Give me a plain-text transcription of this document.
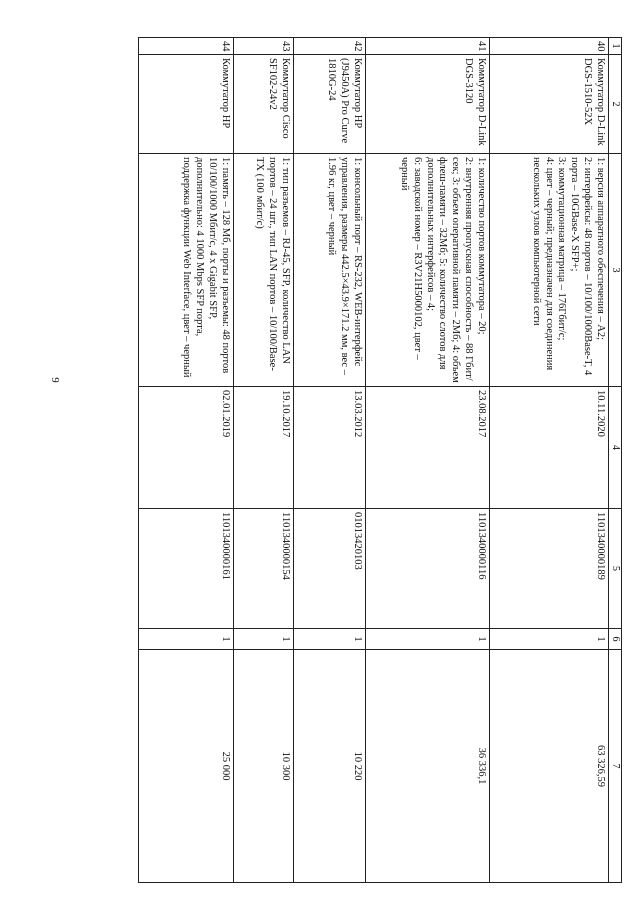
9
1	2	3	4	5	6	7
40	Коммутатор D-Link DGS-1510-52X	1: версия аппаратного обеспечения – A2;
2: интерфейсы: 48 портов – 10/100/1000Base-T, 4 порта – 10GBase-X SFP+;
3: коммутационная матрица – 176Гбит/с;
4: цвет – черный; предназначен для соединения нескольких узлов компьютерной сети	10.11.2020	1101340000189	1	63 326,59
41	Коммутатор D-Link DGS-3120	1: количество портов коммутатора – 20;
2: внутренняя пропускная способность – 88 Гбит/сек; 3: объем оперативной памяти – 2Мб; 4: объем флеш-памяти – 32Мб; 5: количество слотов для дополнительных интерфейсов – 4;
6: заводской номер – R3V21H5000102, цвет – черный	23.08.2017	1101340000116	1	36 336,1
42	Коммутатор HP (J9450A) Pro Curve 1810G-24	1: консольный порт – RS-232, WEB-интерфейс управления, размеры 442.5×43.9×171.2 мм, вес – 1.96 кг, цвет – черный	13.03.2012	01013420103	1	10 220
43	Коммутатор Cisco SF102-24v2	1: тип разъемов – RJ-45, SFP, количество LAN портов – 24 шт., тип LAN портов – 10/100/Base-TX (100 мбит/с)	19.10.2017	1101340000154	1	10 300
44	Коммутатор HP	1: память – 128 Мб, порты и разъемы: 48 портов 10/100/1000 Мбит/с, 4 x Gigabit SFP, дополнительно: 4 1000 Mbps SFP порта, поддержка функции Web Interface, цвет – черный	02.01.2019	1101340000161	1	25 000
